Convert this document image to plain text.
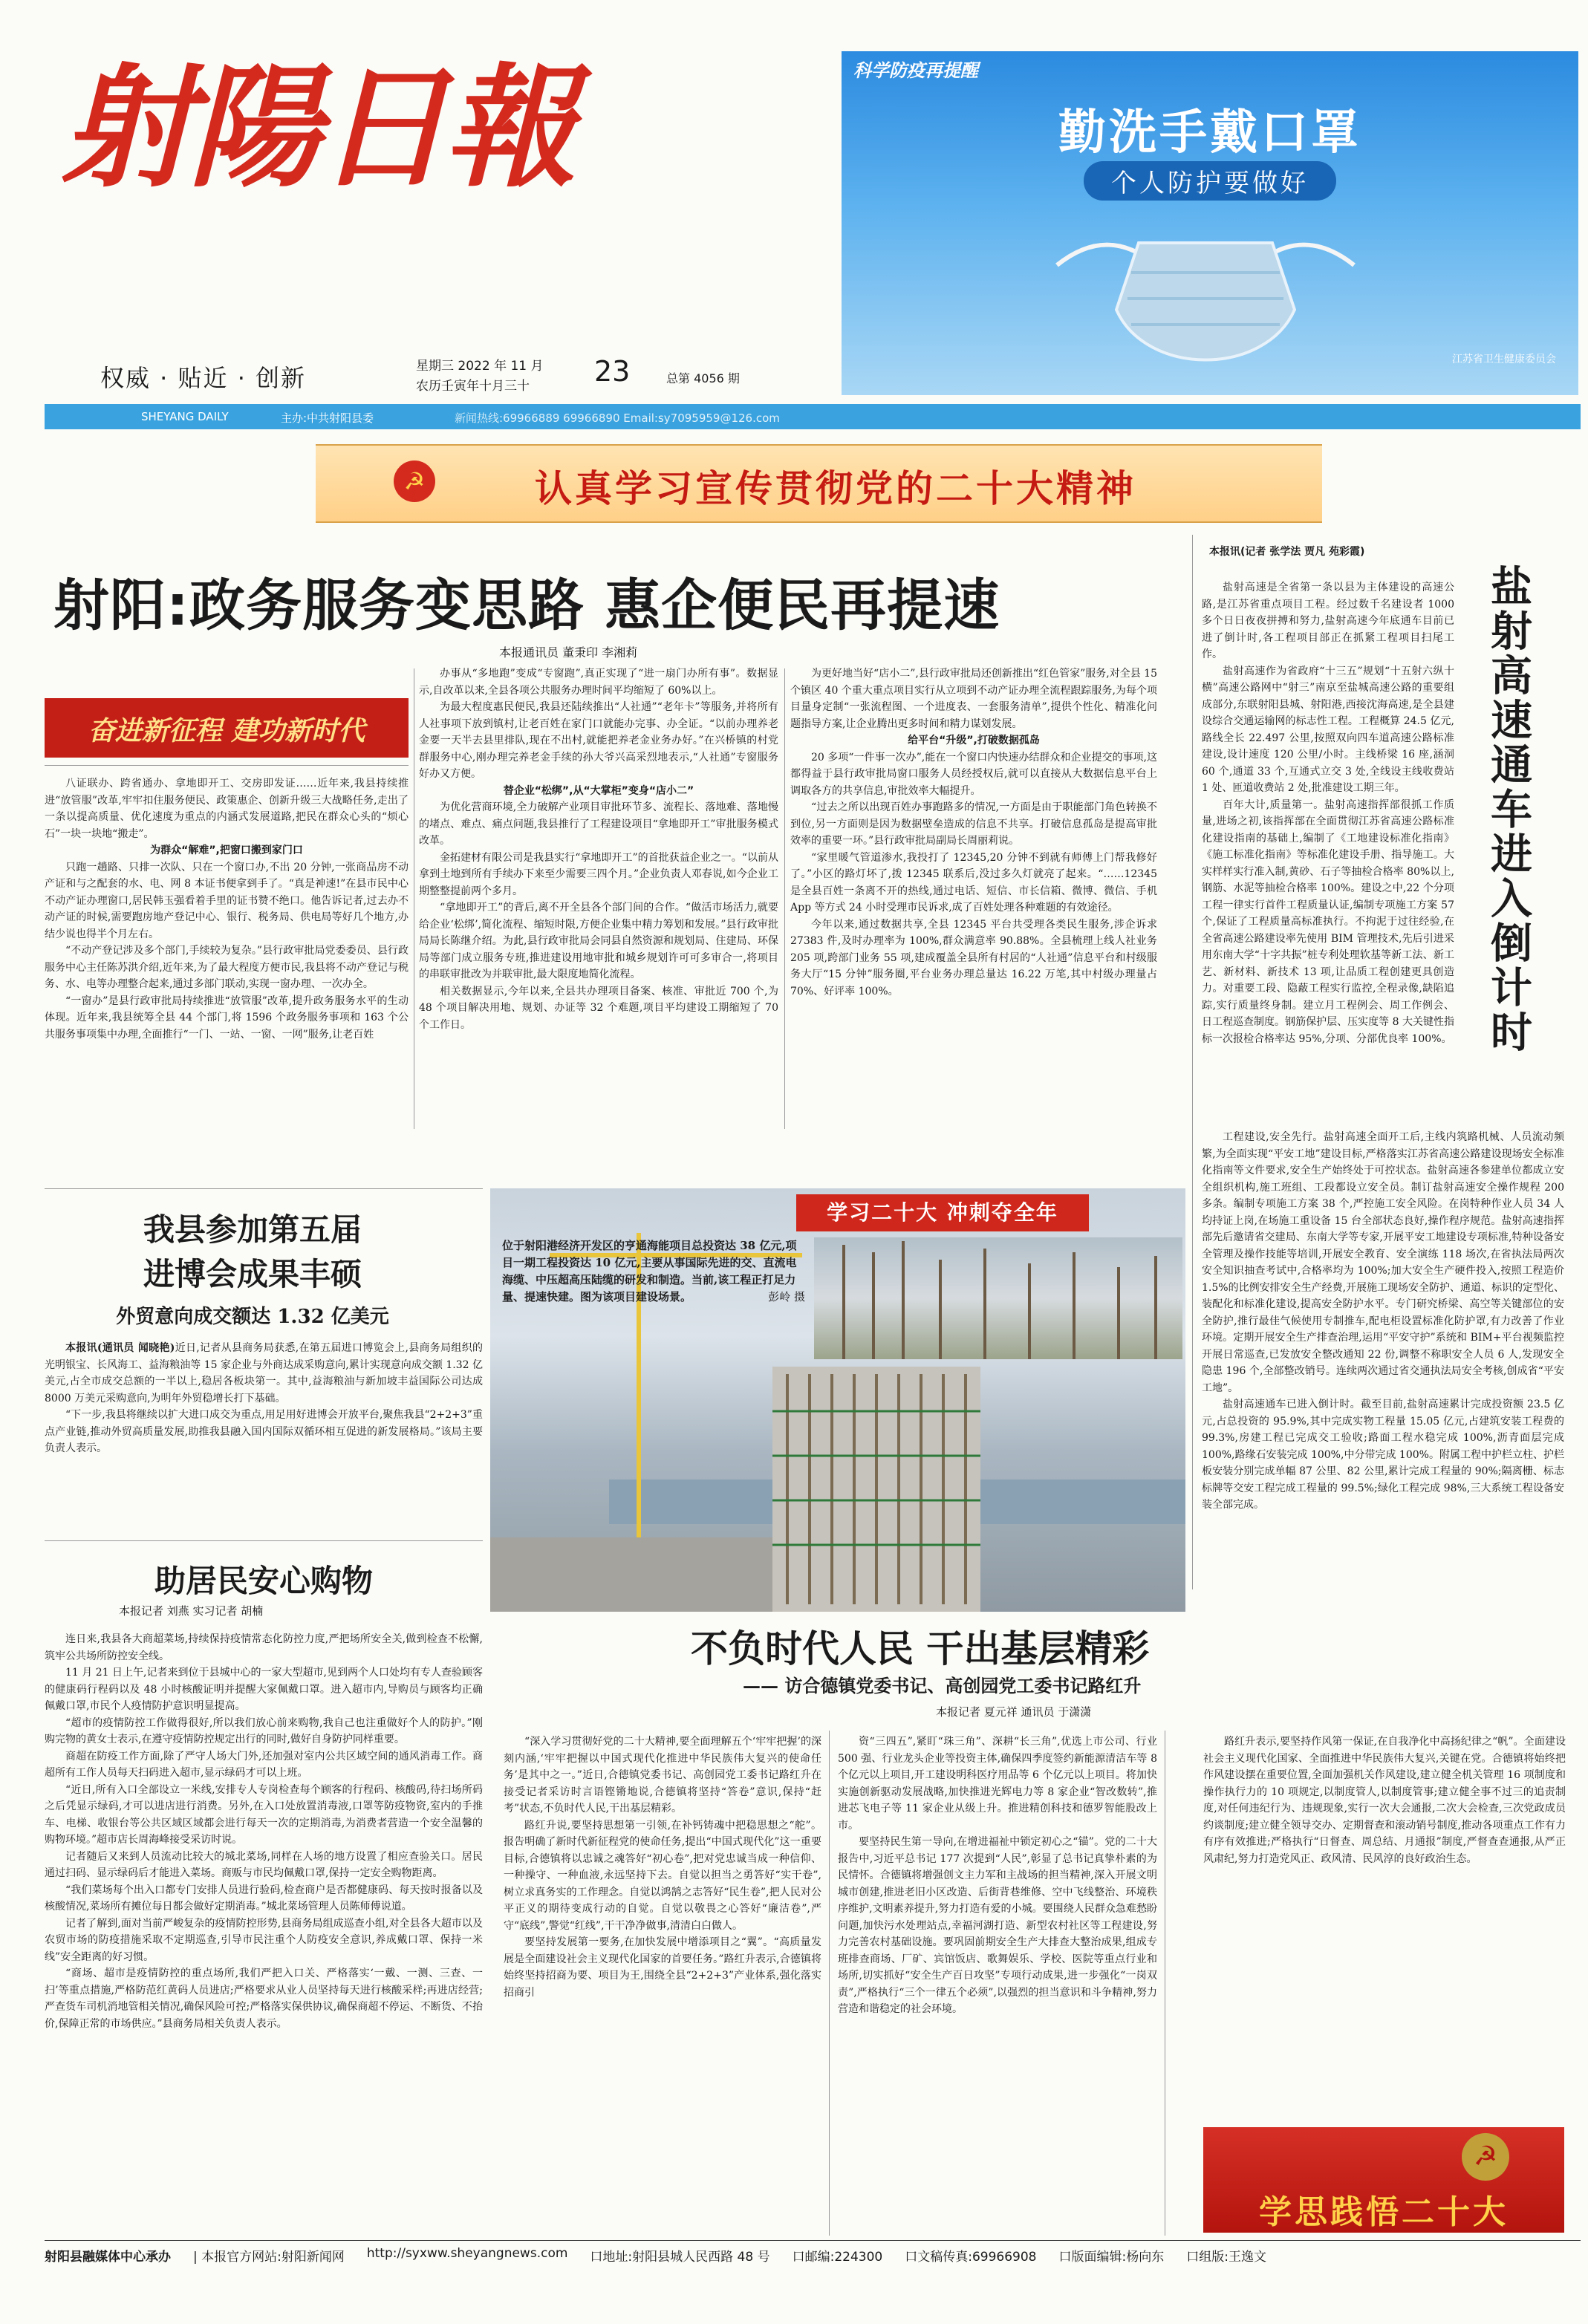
射陽日報
权威 · 贴近 · 创新	星期三 2022 年 11 月
农历壬寅年十月三十 23	总第 4056 期
科学防疫再提醒
勤洗手戴口罩
个人防护要做好
江苏省卫生健康委员会
SHEYANG DAILY	主办:中共射阳县委	新闻热线:69966889 69966890 Email:sy7095959@126.com
☭	认真学习宣传贯彻党的二十大精神
射阳:政务服务变思路 惠企便民再提速
本报通讯员 董秉印 李湘莉
奋进新征程 建功新时代

八证联办、跨省通办、拿地即开工、交房即发证……近年来,我县持续推进“放管服”改革,牢牢扣住服务便民、政策惠企、创新升级三大战略任务,走出了一条以提高质量、优化速度为重点的内涵式发展道路,把民在群众心头的“烦心石”一块一块地“搬走”。

为群众“解难”,把窗口搬到家门口

只跑一趟路、只排一次队、只在一个窗口办,不出 20 分钟,一张商品房不动产证和与之配套的水、电、网 8 本证书便拿到手了。“真是神速!”在县市民中心不动产证办理窗口,居民韩玉强看着手里的证书赞不绝口。他告诉记者,过去办不动产证的时候,需要跑房地产登记中心、银行、税务局、供电局等好几个地方,办结少说也得半个月左右。

“不动产登记涉及多个部门,手续较为复杂。”县行政审批局党委委员、县行政服务中心主任陈苏洪介绍,近年来,为了最大程度方便市民,我县将不动产登记与税务、水、电等办理整合起来,通过多部门联动,实现一窗办理、一次办全。

“一窗办”是县行政审批局持续推进“放管服”改革,提升政务服务水平的生动体现。近年来,我县统筹全县 44 个部门,将 1596 个政务服务事项和 163 个公共服务事项集中办理,全面推行“一门、一站、一窗、一网”服务,让老百姓

办事从“多地跑”变成“专窗跑”,真正实现了“进一扇门办所有事”。数据显示,自改革以来,全县各项公共服务办理时间平均缩短了 60%以上。

为最大程度惠民便民,我县还陆续推出“人社通”“老年卡”等服务,并将所有人社事项下放到镇村,让老百姓在家门口就能办完事、办全证。“以前办理养老金要一天半去县里排队,现在不出村,就能把养老金业务办好。”在兴桥镇的村党群服务中心,刚办理完养老金手续的孙大爷兴高采烈地表示,“人社通”专窗服务好办又方便。

替企业“松绑”,从“大掌柜”变身“店小二”

为优化营商环境,全力破解产业项目审批环节多、流程长、落地难、落地慢的堵点、难点、痛点问题,我县推行了工程建设项目“拿地即开工”审批服务模式改革。

金拓建材有限公司是我县实行“拿地即开工”的首批获益企业之一。“以前从拿到土地到所有手续办下来至少需要三四个月。”企业负责人邓春说,如今企业工期整整提前两个多月。

“拿地即开工”的背后,离不开全县各个部门间的合作。“做活市场活力,就要给企业‘松绑’,简化流程、缩短时限,方便企业集中精力筹划和发展。”县行政审批局局长陈继介绍。为此,县行政审批局会同县自然资源和规划局、住建局、环保局等部门成立服务专班,推进建设用地审批和城乡规划许可可多审合一,将项目的串联审批改为并联审批,最大限度地简化流程。

相关数据显示,今年以来,全县共办理项目备案、核准、审批近 700 个,为 48 个项目解决用地、规划、办证等 32 个难题,项目平均建设工期缩短了 70 个工作日。

为更好地当好“店小二”,县行政审批局还创新推出“红色管家”服务,对全县 15 个镇区 40 个重大重点项目实行从立项到不动产证办理全流程跟踪服务,为每个项目量身定制“一张流程图、一个进度表、一套服务清单”,提供个性化、精准化问题指导方案,让企业腾出更多时间和精力谋划发展。

给平台“升级”,打破数据孤岛

20 多项“一件事一次办”,能在一个窗口内快速办结群众和企业提交的事项,这都得益于县行政审批局窗口服务人员经授权后,就可以直接从大数据信息平台上调取各方的共享信息,审批效率大幅提升。

“过去之所以出现百姓办事跑路多的情况,一方面是由于职能部门角色转换不到位,另一方面则是因为数据壁垒造成的信息不共享。打破信息孤岛是提高审批效率的重要一环。”县行政审批局副局长周丽莉说。

“家里暖气管道渗水,我投打了 12345,20 分钟不到就有师傅上门帮我修好了。”小区的路灯坏了,拨 12345 联系后,没过多久灯就亮了起来。“……12345 是全县百姓一条离不开的热线,通过电话、短信、市长信箱、微博、微信、手机 App 等方式 24 小时受理市民诉求,成了百姓处理各种难题的有效途径。

今年以来,通过数据共享,全县 12345 平台共受理各类民生服务,涉企诉求 27383 件,及时办理率为 100%,群众满意率 90.88%。全县梳理上线人社业务 205 项,跨部门业务 55 项,建成覆盖全县所有村居的“人社通”信息平台和村级服务大厅“15 分钟”服务圈,平台业务办理总量达 16.22 万笔,其中村级办理量占 70%、好评率 100%。	盐射高速通车进入倒计时
本报讯(记者 张学法 贾凡 苑彩霞)

盐射高速是全省第一条以县为主体建设的高速公路,是江苏省重点项目工程。经过数千名建设者 1000 多个日日夜夜拼搏和努力,盐射高速今年底通车目前已进了倒计时,各工程项目部正在抓紧工程项目扫尾工作。

盐射高速作为省政府“十三五”规划“十五射六纵十横”高速公路网中“射三”南京至盐城高速公路的重要组成部分,东联射阳县城、射阳港,西接沈海高速,是全县建设综合交通运输网的标志性工程。工程概算 24.5 亿元,路线全长 22.497 公里,按照双向四车道高速公路标准建设,设计速度 120 公里/小时。主线桥梁 16 座,涵洞 60 个,通道 33 个,互通式立交 3 处,全线设主线收费站 1 处、匝道收费站 2 处,批准建设工期三年。

百年大计,质量第一。盐射高速指挥部很抓工作质量,进场之初,该指挥部在全面贯彻江苏省高速公路标准化建设指南的基础上,编制了《工地建设标准化指南》《施工标准化指南》等标准化建设手册、指导施工。大实样样实行准入制,黄砂、石子等抽检合格率 80%以上,钢筋、水泥等抽检合格率 100%。建设之中,22 个分项工程一律实行首件工程质量认证,编制专项施工方案 57 个,保证了工程质量高标准执行。不拘泥于过往经验,在全省高速公路建设率先使用 BIM 管理技术,先后引进采用东南大学“十字共振”桩专利处理软基等新工法、新工艺、新材料、新技术 13 项,让品质工程创建更具创造力。对重要工段、隐蔽工程实行监控,全程录像,缺陷追踪,实行质量终身制。建立月工程例会、周工作例会、日工程巡查制度。钢筋保护层、压实度等 8 大关键性指标一次报检合格率达 95%,分项、分部优良率 100%。

工程建设,安全先行。盐射高速全面开工后,主线内筑路机械、人员流动频繁,为全面实现“平安工地”建设目标,严格落实江苏省高速公路建设现场安全标准化指南等文件要求,安全生产始终处于可控状态。盐射高速各参建单位都成立安全组织机构,施工班组、工段都设立安全员。制订盐射高速安全操作规程 200 多条。编制专项施工方案 38 个,严控施工安全风险。在岗特种作业人员 34 人均持证上岗,在场施工重设备 15 台全部状态良好,操作程序规范。盐射高速指挥部先后邀请省交建局、东南大学等专家,开展平安工地建设专项标准,特种设备安全管理及操作技能等培训,开展安全教育、安全演练 118 场次,在省执法局两次安全知识抽查考试中,合格率均为 100%;加大安全生产硬件投入,按照工程造价 1.5%的比例安排安全生产经费,开展施工现场安全防护、通道、标识的定型化、装配化和标准化建设,提高安全防护水平。专门研究桥梁、高空等关键部位的安全防护,推行最佳气候使用专制推车,配电柜设置标准化防护罩,有力改善了作业环境。定期开展安全生产排查治理,运用“平安守护”系统和 BIM+平台视频监控开展日常巡查,已发放安全整改通知 22 份,调整不称职安全人员 6 人,发现安全隐患 196 个,全部整改销号。连续两次通过省交通执法局安全考核,创成省“平安工地”。

盐射高速通车已进入倒计时。截至目前,盐射高速累计完成投资额 23.5 亿元,占总投资的 95.9%,其中完成实物工程量 15.05 亿元,占建筑安装工程费的 99.3%,房建工程已完成交工验收;路面工程水稳完成 100%,沥青面层完成 100%,路缘石安装完成 100%,中分带完成 100%。附属工程中护栏立柱、护栏板安装分别完成单幅 87 公里、82 公里,累计完成工程量的 90%;隔离栅、标志标牌等交安工程完成工程量的 99.5%;绿化工程完成 98%,三大系统工程设备安装全部完成。

我县参加第五届
进博会成果丰硕
外贸意向成交额达 1.32 亿美元

本报讯(通讯员 闻晓艳)近日,记者从县商务局获悉,在第五届进口博览会上,县商务局组织的光明银宝、长风海工、益海粮油等 15 家企业与外商达成采购意向,累计实现意向成交额 1.32 亿美元,占全市成交总额的一半以上,稳居各板块第一。其中,益海粮油与新加坡丰益国际公司达成 8000 万美元采购意向,为明年外贸稳增长打下基础。

“下一步,我县将继续以扩大进口成交为重点,用足用好进博会开放平台,聚焦我县“2+2+3”重点产业链,推动外贸高质量发展,助推我县融入国内国际双循环相互促进的新发展格局。”该局主要负责人表示。

助居民安心购物
本报记者 刘燕 实习记者 胡楠

连日来,我县各大商超菜场,持续保持疫情常态化防控力度,严把场所安全关,做到检查不松懈,筑牢公共场所防控安全线。

11 月 21 日上午,记者来到位于县城中心的一家大型超市,见到两个人口处均有专人查验顾客的健康码行程码以及 48 小时核酸证明并提醒大家佩戴口罩。进入超市内,导购员与顾客均正确佩戴口罩,市民个人疫情防护意识明显提高。

“超市的疫情防控工作做得很好,所以我们放心前来购物,我自己也注重做好个人的防护。”刚购完物的黄女士表示,在遵守疫情防控规定出行的同时,做好自身防护同样重要。

商超在防疫工作方面,除了严守人场大门外,还加强对室内公共区域空间的通风消毒工作。商超所有工作人员每天扫码进入超市,显示绿码才可以上班。

“近日,所有入口全部设立一米线,安排专人专岗检查每个顾客的行程码、核酸码,待扫场所码之后凭显示绿码,才可以进店进行消费。另外,在入口处放置消毒液,口罩等防疫物资,室内的手推车、电梯、收银台等公共区域区域都会进行每天一次的定期消毒,为消费者营造一个安全温馨的购物环境。”超市店长周海峰接受采访时说。

记者随后又来到人员流动比较大的城北菜场,同样在人场的地方设置了相应查验关口。居民通过扫码、显示绿码后才能进入菜场。商贩与市民均佩戴口罩,保持一定安全购物距离。

“我们菜场每个出入口都专门安排人员进行验码,检查商户是否都健康码、每天按时报备以及核酸情况,菜场所有摊位每日都会做好定期消毒。”城北菜场管理人员陈师傅说道。

记者了解到,面对当前严峻复杂的疫情防控形势,县商务局组成巡查小组,对全县各大超市以及农贸市场的防疫措施采取不定期巡查,引导市民注重个人防疫安全意识,养成戴口罩、保持一米线”安全距离的好习惯。

“商场、超市是疫情防控的重点场所,我们严把入口关、严格落实‘一戴、一测、三查、一扫’等重点措施,严格防范红黄码人员进店;严格要求从业人员坚持每天进行核酸采样;再进店经营;严查货车司机消地管相关情况,确保风险可控;严格落实保供协议,确保商超不停运、不断货、不抬价,保障正常的市场供应。”县商务局相关负责人表示。

学习二十大 冲刺夺全年
位于射阳港经济开发区的亨通海能项目总投资达 38 亿元,项目一期工程投资达 10 亿元,主要从事国际先进的交、直流电海缆、中压超高压陆缆的研发和制造。当前,该工程正打足力量、提速快建。图为该项目建设场景。	彭岭 摄
不负时代人民 干出基层精彩
—— 访合德镇党委书记、高创园党工委书记路红升
本报记者 夏元祥 通讯员 于潇潇

“深入学习贯彻好党的二十大精神,要全面理解五个‘牢牢把握’的深刻内涵,‘牢牢把握以中国式现代化推进中华民族伟大复兴的使命任务’是其中之一。”近日,合德镇党委书记、高创园党工委书记路红升在接受记者采访时言语铿锵地说,合德镇将坚持“答卷”意识,保持“赶考”状态,不负时代人民,干出基层精彩。

路红升说,要坚持思想第一引领,在补钙铸魂中把稳思想之“舵”。报告明确了新时代新征程党的使命任务,提出“中国式现代化”这一重要目标,合德镇将以忠诚之魂答好“初心卷”,把对党忠诚当成一种信仰、一种操守、一种血液,永远坚持下去。自觉以担当之勇答好“实干卷”,树立求真务实的工作理念。自觉以鸿鹄之志答好“民生卷”,把人民对公平正义的期待变成行动的自觉。自觉以敬畏之心答好“廉洁卷”,严守“底线”,警觉“红线”,干干净净做事,清清白白做人。

要坚持发展第一要务,在加快发展中增添项目之“翼”。“高质量发展是全面建设社会主义现代化国家的首要任务。”路红升表示,合德镇将始终坚持招商为要、项目为王,围绕全县“2+2+3”产业体系,强化落实招商引

资“三四五”,紧盯“珠三角”、深耕“长三角”,优选上市公司、行业 500 强、行业龙头企业等投资主体,确保四季度签约新能源清洁车等 8 个亿元以上项目,开工建设明科医疗用品等 6 个亿元以上项目。将加快实施创新驱动发展战略,加快推进光辉电力等 8 家企业“智改数转”,推进芯飞电子等 11 家企业从级上升。推进精创科技和德罗智能股改上市。

要坚持民生第一导向,在增进福祉中锁定初心之“锚”。党的二十大报告中,习近平总书记 177 次提到“人民”,彰显了总书记真挚朴素的为民情怀。合德镇将增强创文主力军和主战场的担当精神,深入开展文明城市创建,推进老旧小区改造、后街背巷维修、空中飞线整治、环境秩序维护,文明素养提升,努力打造有爱的小城。要围绕人民群众急难愁盼问题,加快污水处理站点,幸福河湖打造、新型农村社区等工程建设,努力完善农村基础设施。要巩固前期安全生产大排查大整治成果,组成专班排查商场、厂矿、宾馆饭店、歌舞娱乐、学校、医院等重点行业和场所,切实抓好“安全生产百日攻坚”专项行动成果,进一步强化“一岗双责”,严格执行“三个一律五个必须”,以强烈的担当意识和斗争精神,努力营造和谐稳定的社会环境。

路红升表示,要坚持作风第一保证,在自我净化中高扬纪律之“帆”。全面建设社会主义现代化国家、全面推进中华民族伟大复兴,关键在党。合德镇将始终把作风建设摆在重要位置,全面加强机关作风建设,建立健全机关管理 16 项制度和操作执行力的 10 项规定,以制度管人,以制度管事;建立健全事不过三的追责制度,对任何违纪行为、违规现象,实行一次大会通报,二次大会检查,三次党政成员约谈制度;建立健全领导交办、定期督查和滚动销号制度,推动各项重点工作有力有序有效推进;严格执行“日督查、周总结、月通报”制度,严督查查通报,从严正风肃纪,努力打造党风正、政风清、民风淳的良好政治生态。

☭
学思践悟二十大
射阳县融媒体中心承办 | 本报官方网站:射阳新闻网 http://syxww.sheyangnews.com 口地址:射阳县城人民西路 48 号 口邮编:224300 口文稿传真:69966908 口版面编辑:杨向东 口组版:王逸文
